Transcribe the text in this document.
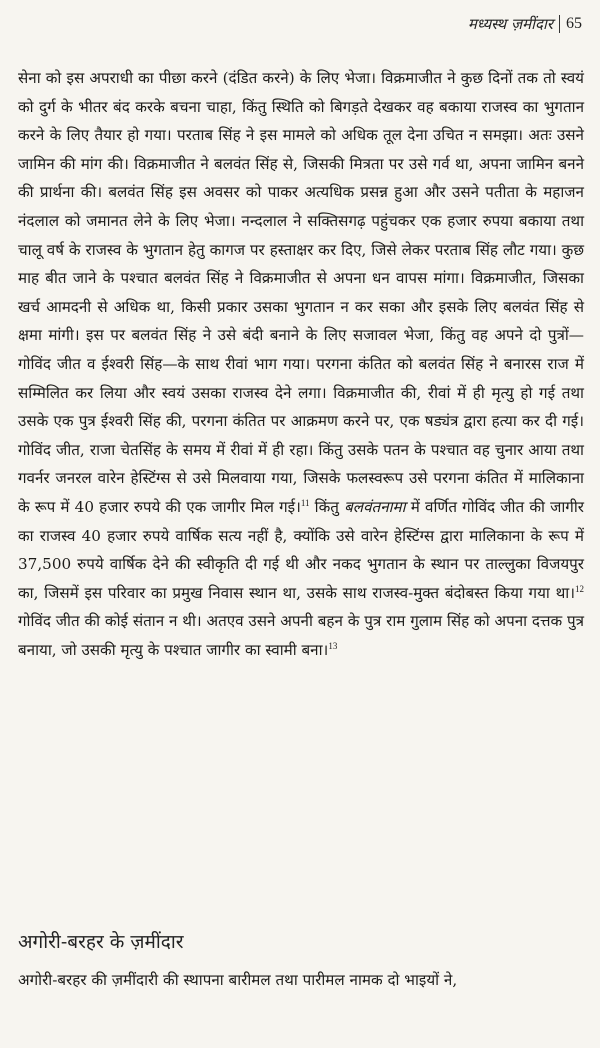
मध्यस्थ ज़मींदार 65

सेना को इस अपराधी का पीछा करने (दंडित करने) के लिए भेजा। विक्रमाजीत ने कुछ दिनों तक तो स्वयं को दुर्ग के भीतर बंद करके बचना चाहा, किंतु स्थिति को बिगड़ते देखकर वह बकाया राजस्व का भुगतान करने के लिए तैयार हो गया। परताब सिंह ने इस मामले को अधिक तूल देना उचित न समझा। अतः उसने जामिन की मांग की। विक्रमाजीत ने बलवंत सिंह से, जिसकी मित्रता पर उसे गर्व था, अपना जामिन बनने की प्रार्थना की। बलवंत सिंह इस अवसर को पाकर अत्यधिक प्रसन्न हुआ और उसने पतीता के महाजन नंदलाल को जमानत लेने के लिए भेजा। नन्दलाल ने सक्तिसगढ़ पहुंचकर एक हजार रुपया बकाया तथा चालू वर्ष के राजस्व के भुगतान हेतु कागज पर हस्ताक्षर कर दिए, जिसे लेकर परताब सिंह लौट गया। कुछ माह बीत जाने के पश्चात बलवंत सिंह ने विक्रमाजीत से अपना धन वापस मांगा। विक्रमाजीत, जिसका खर्च आमदनी से अधिक था, किसी प्रकार उसका भुगतान न कर सका और इसके लिए बलवंत सिंह से क्षमा मांगी। इस पर बलवंत सिंह ने उसे बंदी बनाने के लिए सजावल भेजा, किंतु वह अपने दो पुत्रों—गोविंद जीत व ईश्वरी सिंह—के साथ रीवां भाग गया। परगना कंतित को बलवंत सिंह ने बनारस राज में सम्मिलित कर लिया और स्वयं उसका राजस्व देने लगा। विक्रमाजीत की, रीवां में ही मृत्यु हो गई तथा उसके एक पुत्र ईश्वरी सिंह की, परगना कंतित पर आक्रमण करने पर, एक षड्यंत्र द्वारा हत्या कर दी गई। गोविंद जीत, राजा चेतसिंह के समय में रीवां में ही रहा। किंतु उसके पतन के पश्चात वह चुनार आया तथा गवर्नर जनरल वारेन हेस्टिंग्स से उसे मिलवाया गया, जिसके फलस्वरूप उसे परगना कंतित में मालिकाना के रूप में 40 हजार रुपये की एक जागीर मिल गई।$^{11}$ किंतु बलवंतनामा में वर्णित गोविंद जीत की जागीर का राजस्व 40 हजार रुपये वार्षिक सत्य नहीं है, क्योंकि उसे वारेन हेस्टिंग्स द्वारा मालिकाना के रूप में 37,500 रुपये वार्षिक देने की स्वीकृति दी गई थी और नकद भुगतान के स्थान पर ताल्लुका विजयपुर का, जिसमें इस परिवार का प्रमुख निवास स्थान था, उसके साथ राजस्व-मुक्त बंदोबस्त किया गया था।$^{12}$ गोविंद जीत की कोई संतान न थी। अतएव उसने अपनी बहन के पुत्र राम गुलाम सिंह को अपना दत्तक पुत्र बनाया, जो उसकी मृत्यु के पश्चात जागीर का स्वामी बना।$^{13}$

अगोरी-बरहर के ज़मींदार
अगोरी-बरहर की ज़मींदारी की स्थापना बारीमल तथा पारीमल नामक दो भाइयों ने,
